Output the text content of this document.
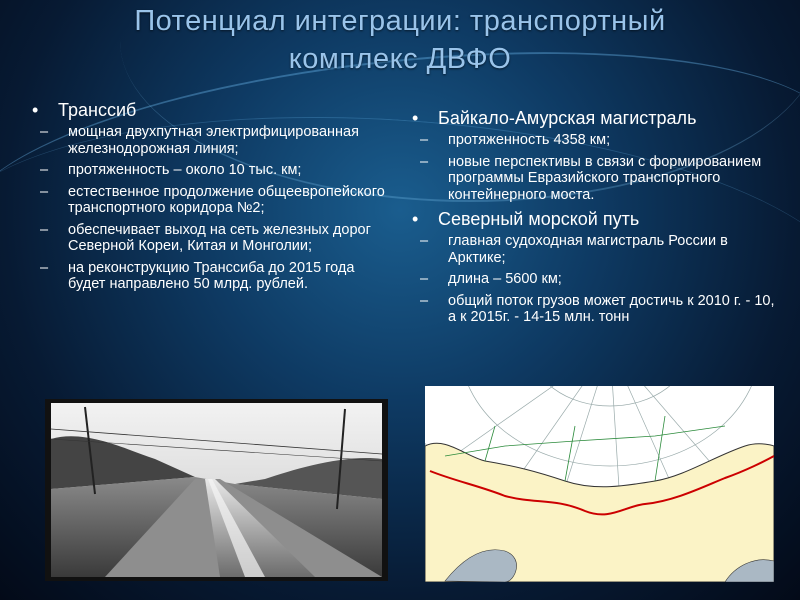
Потенциал интеграции: транспортный
комплекс ДВФО
• Транссиб
– мощная двухпутная электрифицированная железнодорожная линия;
– протяженность – около 10 тыс. км;
– естественное продолжение общеевропейского транспортного коридора №2;
– обеспечивает выход на сеть железных дорог Северной Кореи, Китая и Монголии;
– на реконструкцию Транссиба до 2015 года будет направлено 50 млрд. рублей.
• Байкало-Амурская магистраль
– протяженность 4358 км;
– новые перспективы в связи с формированием программы Евразийского транспортного контейнерного моста.
• Северный морской путь
– главная судоходная магистраль России в Арктике;
– длина – 5600 км;
– общий поток грузов может достичь к 2010 г. - 10, а к 2015г. - 14-15 млн. тонн
